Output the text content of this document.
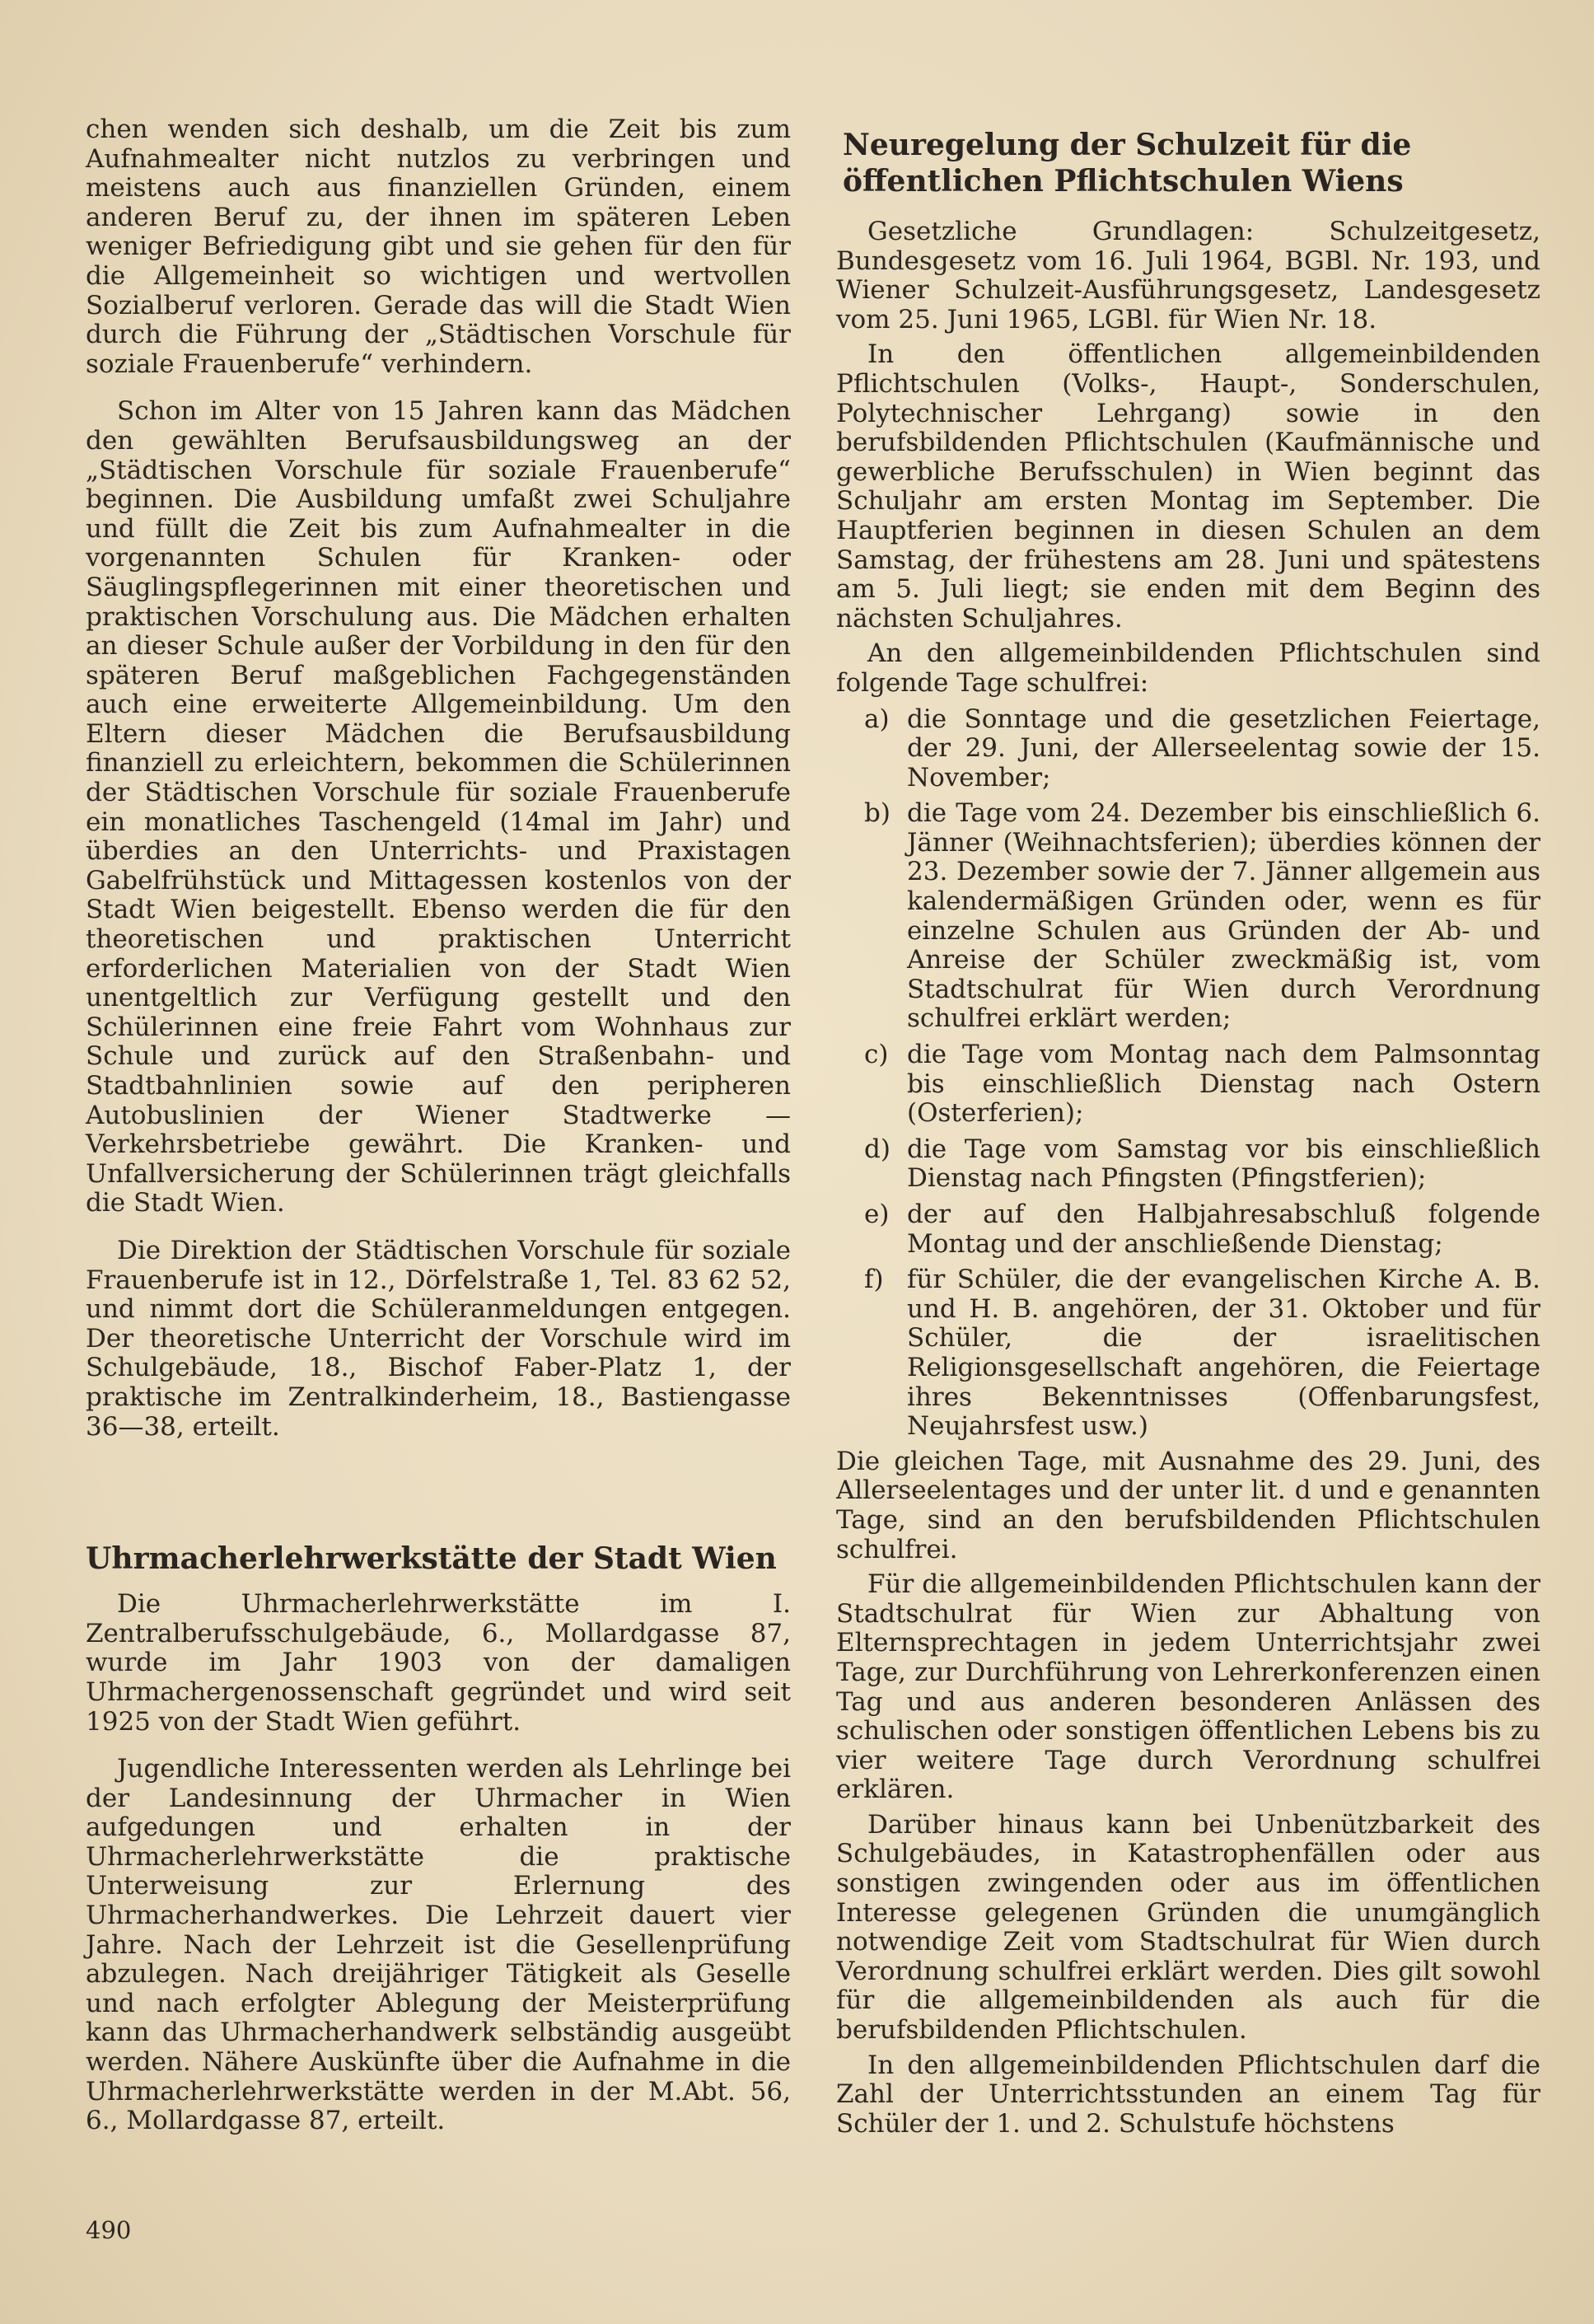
chen wenden sich deshalb, um die Zeit bis zum Aufnahmealter nicht nutzlos zu verbringen und meistens auch aus finanziellen Gründen, einem anderen Beruf zu, der ihnen im späteren Leben weniger Befriedigung gibt und sie gehen für den für die Allgemeinheit so wichtigen und wertvollen Sozialberuf verloren. Gerade das will die Stadt Wien durch die Führung der „Städtischen Vorschule für soziale Frauenberufe“ verhindern.

Schon im Alter von 15 Jahren kann das Mädchen den gewählten Berufsausbildungsweg an der „Städtischen Vorschule für soziale Frauenberufe“ beginnen. Die Ausbildung umfaßt zwei Schuljahre und füllt die Zeit bis zum Aufnahmealter in die vorgenannten Schulen für Kranken- oder Säuglingspflegerinnen mit einer theoretischen und praktischen Vorschulung aus. Die Mädchen erhalten an dieser Schule außer der Vorbildung in den für den späteren Beruf maßgeblichen Fachgegenständen auch eine erweiterte Allgemeinbildung. Um den Eltern dieser Mädchen die Berufsausbildung finanziell zu erleichtern, bekommen die Schülerinnen der Städtischen Vorschule für soziale Frauenberufe ein monatliches Taschengeld (14mal im Jahr) und überdies an den Unterrichts- und Praxistagen Gabelfrühstück und Mittagessen kostenlos von der Stadt Wien beigestellt. Ebenso werden die für den theoretischen und praktischen Unterricht erforderlichen Materialien von der Stadt Wien unentgeltlich zur Verfügung gestellt und den Schülerinnen eine freie Fahrt vom Wohnhaus zur Schule und zurück auf den Straßenbahn- und Stadtbahnlinien sowie auf den peripheren Autobuslinien der Wiener Stadtwerke — Verkehrsbetriebe gewährt. Die Kranken- und Unfallversicherung der Schülerinnen trägt gleichfalls die Stadt Wien.

Die Direktion der Städtischen Vorschule für soziale Frauenberufe ist in 12., Dörfelstraße 1, Tel. 83 62 52, und nimmt dort die Schüleranmeldungen entgegen. Der theoretische Unterricht der Vorschule wird im Schulgebäude, 18., Bischof Faber-Platz 1, der praktische im Zentralkinderheim, 18., Bastiengasse 36—38, erteilt.

Uhrmacherlehrwerkstätte der Stadt Wien

Die Uhrmacherlehrwerkstätte im I. Zentralberufsschulgebäude, 6., Mollardgasse 87, wurde im Jahr 1903 von der damaligen Uhrmachergenossenschaft gegründet und wird seit 1925 von der Stadt Wien geführt.

Jugendliche Interessenten werden als Lehrlinge bei der Landesinnung der Uhrmacher in Wien aufgedungen und erhalten in der Uhrmacherlehrwerkstätte die praktische Unterweisung zur Erlernung des Uhrmacherhandwerkes. Die Lehrzeit dauert vier Jahre. Nach der Lehrzeit ist die Gesellenprüfung abzulegen. Nach dreijähriger Tätigkeit als Geselle und nach erfolgter Ablegung der Meisterprüfung kann das Uhrmacherhandwerk selbständig ausgeübt werden. Nähere Auskünfte über die Aufnahme in die Uhrmacherlehrwerkstätte werden in der M.Abt. 56, 6., Mollardgasse 87, erteilt.

Neuregelung der Schulzeit für die öffentlichen Pflichtschulen Wiens

Gesetzliche Grundlagen: Schulzeitgesetz, Bundesgesetz vom 16. Juli 1964, BGBl. Nr. 193, und Wiener Schulzeit-Ausführungsgesetz, Landesgesetz vom 25. Juni 1965, LGBl. für Wien Nr. 18.

In den öffentlichen allgemeinbildenden Pflichtschulen (Volks-, Haupt-, Sonderschulen, Polytechnischer Lehrgang) sowie in den berufsbildenden Pflichtschulen (Kaufmännische und gewerbliche Berufsschulen) in Wien beginnt das Schuljahr am ersten Montag im September. Die Hauptferien beginnen in diesen Schulen an dem Samstag, der frühestens am 28. Juni und spätestens am 5. Juli liegt; sie enden mit dem Beginn des nächsten Schuljahres.

An den allgemeinbildenden Pflichtschulen sind folgende Tage schulfrei:

a) die Sonntage und die gesetzlichen Feiertage, der 29. Juni, der Allerseelentag sowie der 15. November;
b) die Tage vom 24. Dezember bis einschließlich 6. Jänner (Weihnachtsferien); überdies können der 23. Dezember sowie der 7. Jänner allgemein aus kalendermäßigen Gründen oder, wenn es für einzelne Schulen aus Gründen der Ab- und Anreise der Schüler zweckmäßig ist, vom Stadtschulrat für Wien durch Verordnung schulfrei erklärt werden;
c) die Tage vom Montag nach dem Palmsonntag bis einschließlich Dienstag nach Ostern (Osterferien);
d) die Tage vom Samstag vor bis einschließlich Dienstag nach Pfingsten (Pfingstferien);
e) der auf den Halbjahresabschluß folgende Montag und der anschließende Dienstag;
f) für Schüler, die der evangelischen Kirche A. B. und H. B. angehören, der 31. Oktober und für Schüler, die der israelitischen Religionsgesellschaft angehören, die Feiertage ihres Bekenntnisses (Offenbarungsfest, Neujahrsfest usw.)

Die gleichen Tage, mit Ausnahme des 29. Juni, des Allerseelentages und der unter lit. d und e genannten Tage, sind an den berufsbildenden Pflichtschulen schulfrei.

Für die allgemeinbildenden Pflichtschulen kann der Stadtschulrat für Wien zur Abhaltung von Elternsprechtagen in jedem Unterrichtsjahr zwei Tage, zur Durchführung von Lehrerkonferenzen einen Tag und aus anderen besonderen Anlässen des schulischen oder sonstigen öffentlichen Lebens bis zu vier weitere Tage durch Verordnung schulfrei erklären.

Darüber hinaus kann bei Unbenützbarkeit des Schulgebäudes, in Katastrophenfällen oder aus sonstigen zwingenden oder aus im öffentlichen Interesse gelegenen Gründen die unumgänglich notwendige Zeit vom Stadtschulrat für Wien durch Verordnung schulfrei erklärt werden. Dies gilt sowohl für die allgemeinbildenden als auch für die berufsbildenden Pflichtschulen.

In den allgemeinbildenden Pflichtschulen darf die Zahl der Unterrichtsstunden an einem Tag für Schüler der 1. und 2. Schulstufe höchstens

490
